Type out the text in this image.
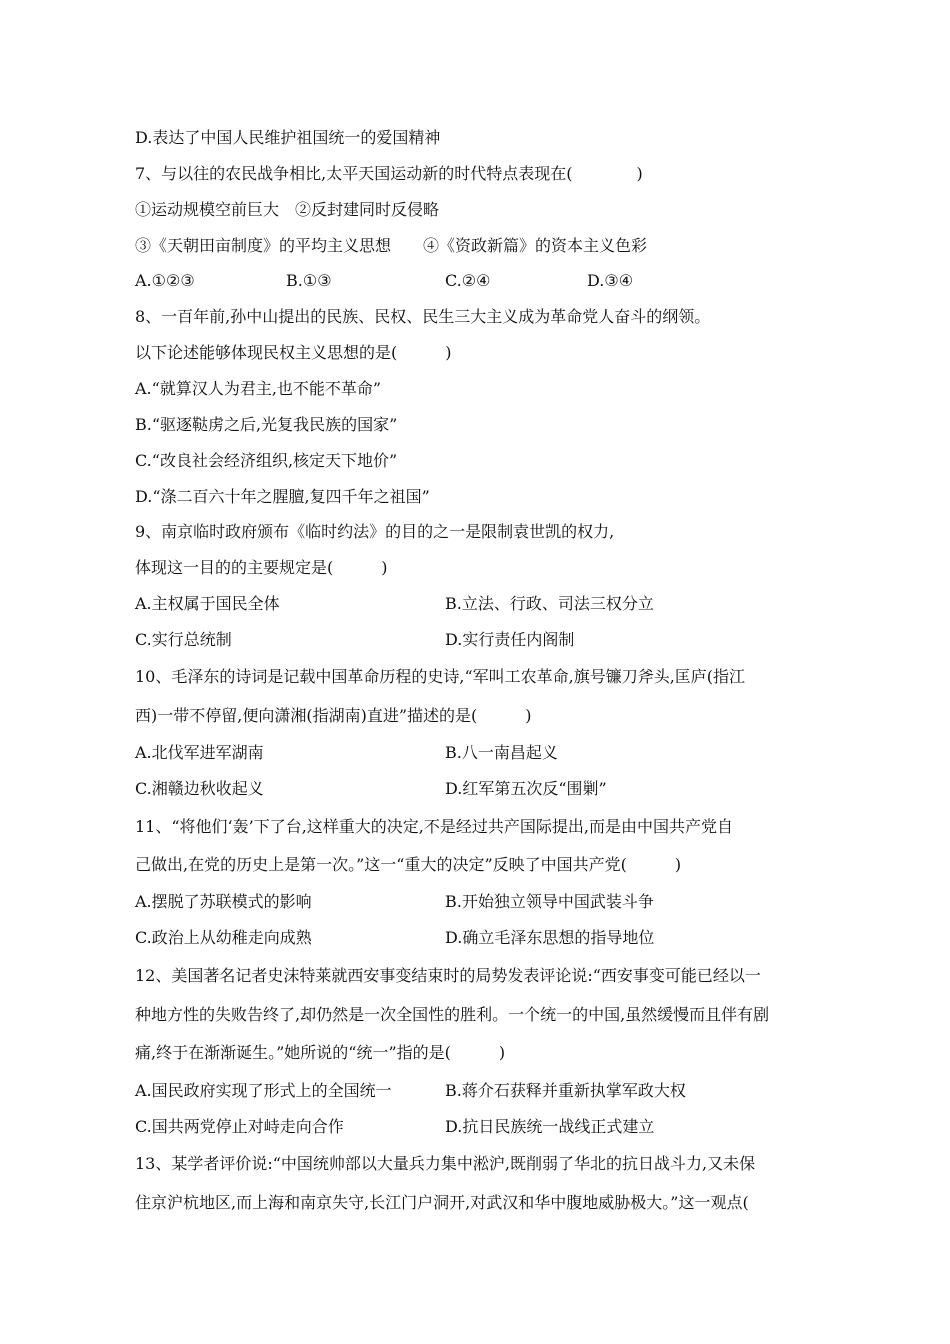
D.表达了中国人民维护祖国统一的爱国精神
7、与以往的农民战争相比,太平天国运动新的时代特点表现在(　　　　)
①运动规模空前巨大　②反封建同时反侵略
③《天朝田亩制度》的平均主义思想　　④《资政新篇》的资本主义色彩
A.①②③	B.①③	C.②④	D.③④
8、一百年前,孙中山提出的民族、民权、民生三大主义成为革命党人奋斗的纲领。
以下论述能够体现民权主义思想的是(　　　)
A.“就算汉人为君主,也不能不革命”
B.“驱逐鞑虏之后,光复我民族的国家”
C.“改良社会经济组织,核定天下地价”
D.“涤二百六十年之腥膻,复四千年之祖国”
9、南京临时政府颁布《临时约法》的目的之一是限制袁世凯的权力,
体现这一目的的主要规定是(　　　)
A.主权属于国民全体	B.立法、行政、司法三权分立
C.实行总统制	D.实行责任内阁制
10、毛泽东的诗词是记载中国革命历程的史诗,“军叫工农革命,旗号镰刀斧头,匡庐(指江
西)一带不停留,便向潇湘(指湖南)直进”描述的是(　　　)
A.北伐军进军湖南	B.八一南昌起义
C.湘赣边秋收起义	D.红军第五次反“围剿”
11、“将他们‘轰’下了台,这样重大的决定,不是经过共产国际提出,而是由中国共产党自
己做出,在党的历史上是第一次。”这一“重大的决定”反映了中国共产党(　　　)
A.摆脱了苏联模式的影响	B.开始独立领导中国武装斗争
C.政治上从幼稚走向成熟	D.确立毛泽东思想的指导地位
12、美国著名记者史沫特莱就西安事变结束时的局势发表评论说:“西安事变可能已经以一
种地方性的失败告终了,却仍然是一次全国性的胜利。一个统一的中国,虽然缓慢而且伴有剧
痛,终于在渐渐诞生。”她所说的“统一”指的是(　　　)
A.国民政府实现了形式上的全国统一	B.蒋介石获释并重新执掌军政大权
C.国共两党停止对峙走向合作	D.抗日民族统一战线正式建立
13、某学者评价说:“中国统帅部以大量兵力集中淞沪,既削弱了华北的抗日战斗力,又未保
住京沪杭地区,而上海和南京失守,长江门户洞开,对武汉和华中腹地威胁极大。”这一观点(
